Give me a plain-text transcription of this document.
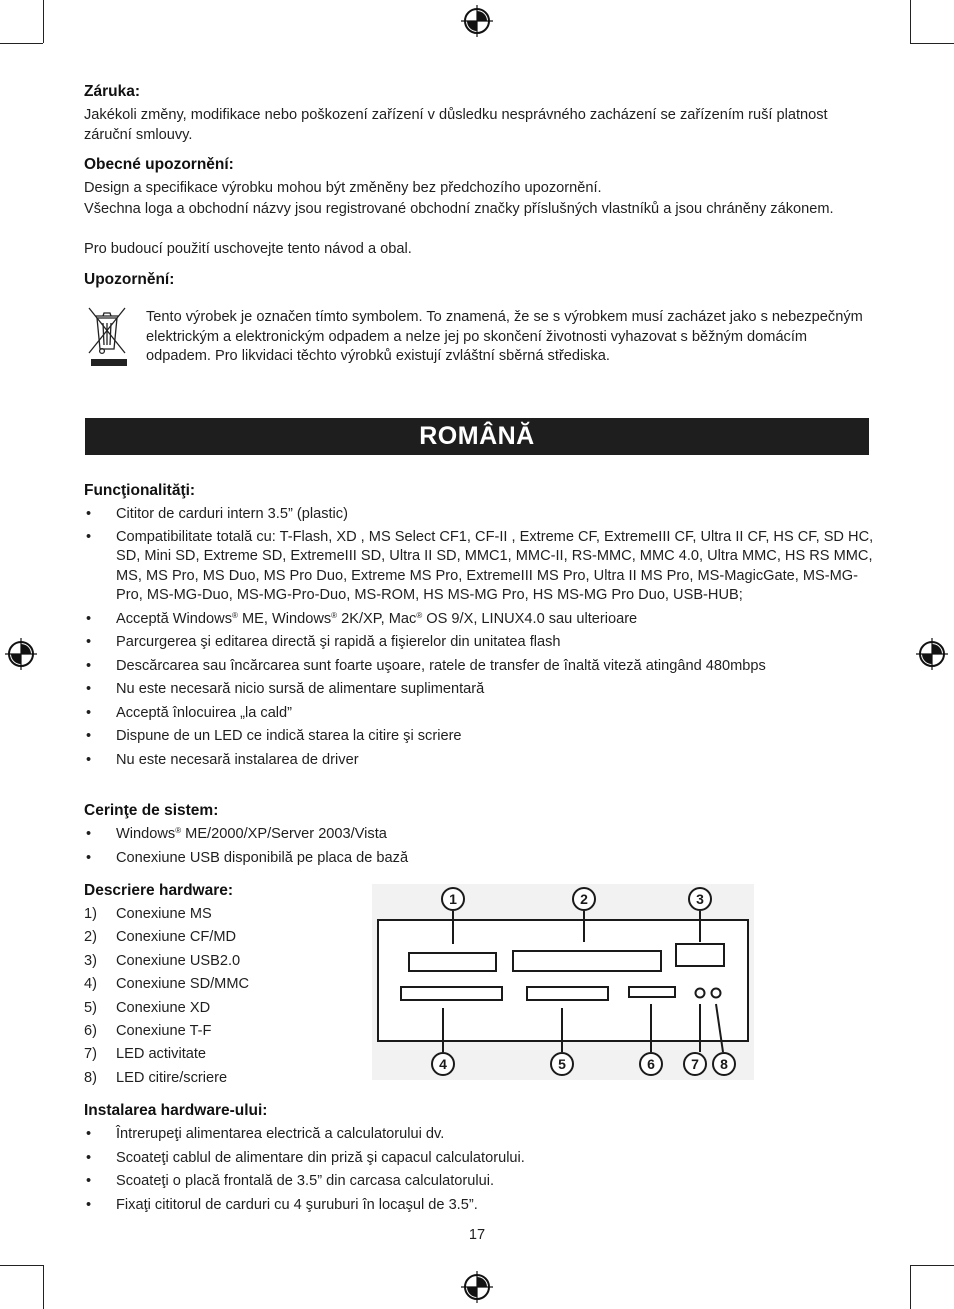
Záruka:
Jakékoli změny, modifikace nebo poškození zařízení v důsledku nesprávného zacházení se zařízením ruší platnost záruční smlouvy.
Obecné upozornění:
Design a specifikace výrobku mohou být změněny bez předchozího upozornění.
Všechna loga a obchodní názvy jsou registrované obchodní značky příslušných vlastníků a jsou chráněny zákonem.
Pro budoucí použití uschovejte tento návod a obal.
Upozornění:
Tento výrobek je označen tímto symbolem. To znamená, že se s výrobkem musí zacházet jako s nebezpečným elektrickým a elektronickým odpadem a nelze jej po skončení životnosti vyhazovat s běžným domácím odpadem. Pro likvidaci těchto výrobků existují zvláštní sběrná střediska.
ROMÂNĂ
Funcţionalităţi:
• Cititor de carduri intern 3.5” (plastic)
• Compatibilitate totală cu: T-Flash, XD , MS Select CF1, CF-II , Extreme CF, ExtremeIII CF, Ultra II CF, HS CF, SD HC, SD, Mini SD, Extreme SD, ExtremeIII SD, Ultra II SD, MMC1, MMC-II, RS-MMC, MMC 4.0, Ultra MMC, HS RS MMC, MS, MS Pro, MS Duo, MS Pro Duo, Extreme MS Pro, ExtremeIII MS Pro, Ultra II MS Pro, MS-MagicGate, MS-MG-Pro, MS-MG-Duo, MS-MG-Pro-Duo, MS-ROM, HS MS-MG Pro, HS MS-MG Pro Duo, USB-HUB;
• Acceptă Windows® ME, Windows® 2K/XP, Mac® OS 9/X, LINUX4.0 sau ulterioare
• Parcurgerea şi editarea directă şi rapidă a fişierelor din unitatea flash
• Descărcarea sau încărcarea sunt foarte uşoare, ratele de transfer de înaltă viteză atingând 480mbps
• Nu este necesară nicio sursă de alimentare suplimentară
• Acceptă înlocuirea „la cald”
• Dispune de un LED ce indică starea la citire şi scriere
• Nu este necesară instalarea de driver
Cerinţe de sistem:
• Windows® ME/2000/XP/Server 2003/Vista
• Conexiune USB disponibilă pe placa de bază
Descriere hardware:
1) Conexiune MS
2) Conexiune CF/MD
3) Conexiune USB2.0
4) Conexiune SD/MMC
5) Conexiune XD
6) Conexiune T-F
7) LED activitate
8) LED citire/scriere
1	2	3
4	5	6	7 8
Instalarea hardware-ului:
• Întrerupeţi alimentarea electrică a calculatorului dv.
• Scoateţi cablul de alimentare din priză şi capacul calculatorului.
• Scoateţi o placă frontală de 3.5” din carcasa calculatorului.
• Fixaţi cititorul de carduri cu 4 şuruburi în locaşul de 3.5”.
17
